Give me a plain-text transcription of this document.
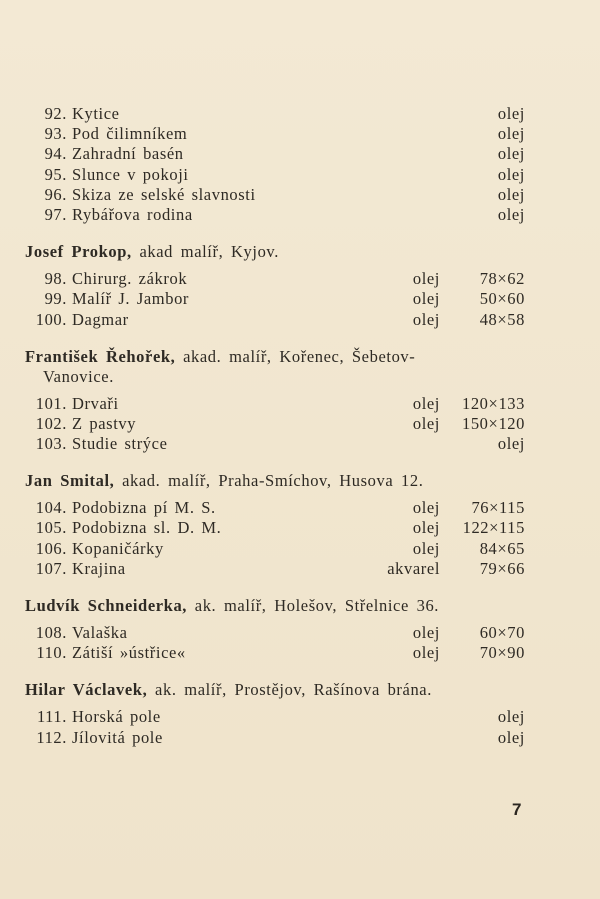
92. Kytice	olej
93. Pod čilimníkem	olej
94. Zahradní basén	olej
95. Slunce v pokoji	olej
96. Skiza ze selské slavnosti	olej
97. Rybářova rodina	olej
Josef Prokop, akad malíř, Kyjov.
98. Chirurg. zákrok	olej 78×62
99. Malíř J. Jambor	olej 50×60
100. Dagmar	olej 48×58
František Řehořek, akad. malíř, Kořenec, Šebetov-
Vanovice.
101. Drvaři	olej 120×133
102. Z pastvy	olej 150×120
103. Studie strýce	olej
Jan Smital, akad. malíř, Praha-Smíchov, Husova 12.
104. Podobizna pí M. S.	olej 76×115
105. Podobizna sl. D. M.	olej 122×115
106. Kopaničárky	olej 84×65
107. Krajina	akvarel 79×66
Ludvík Schneiderka, ak. malíř, Holešov, Střelnice 36.
108. Valaška	olej 60×70
110. Zátiší »ústřice«	olej 70×90
Hilar Václavek, ak. malíř, Prostějov, Rašínova brána.
111. Horská pole	olej
112. Jílovitá pole	olej
7
